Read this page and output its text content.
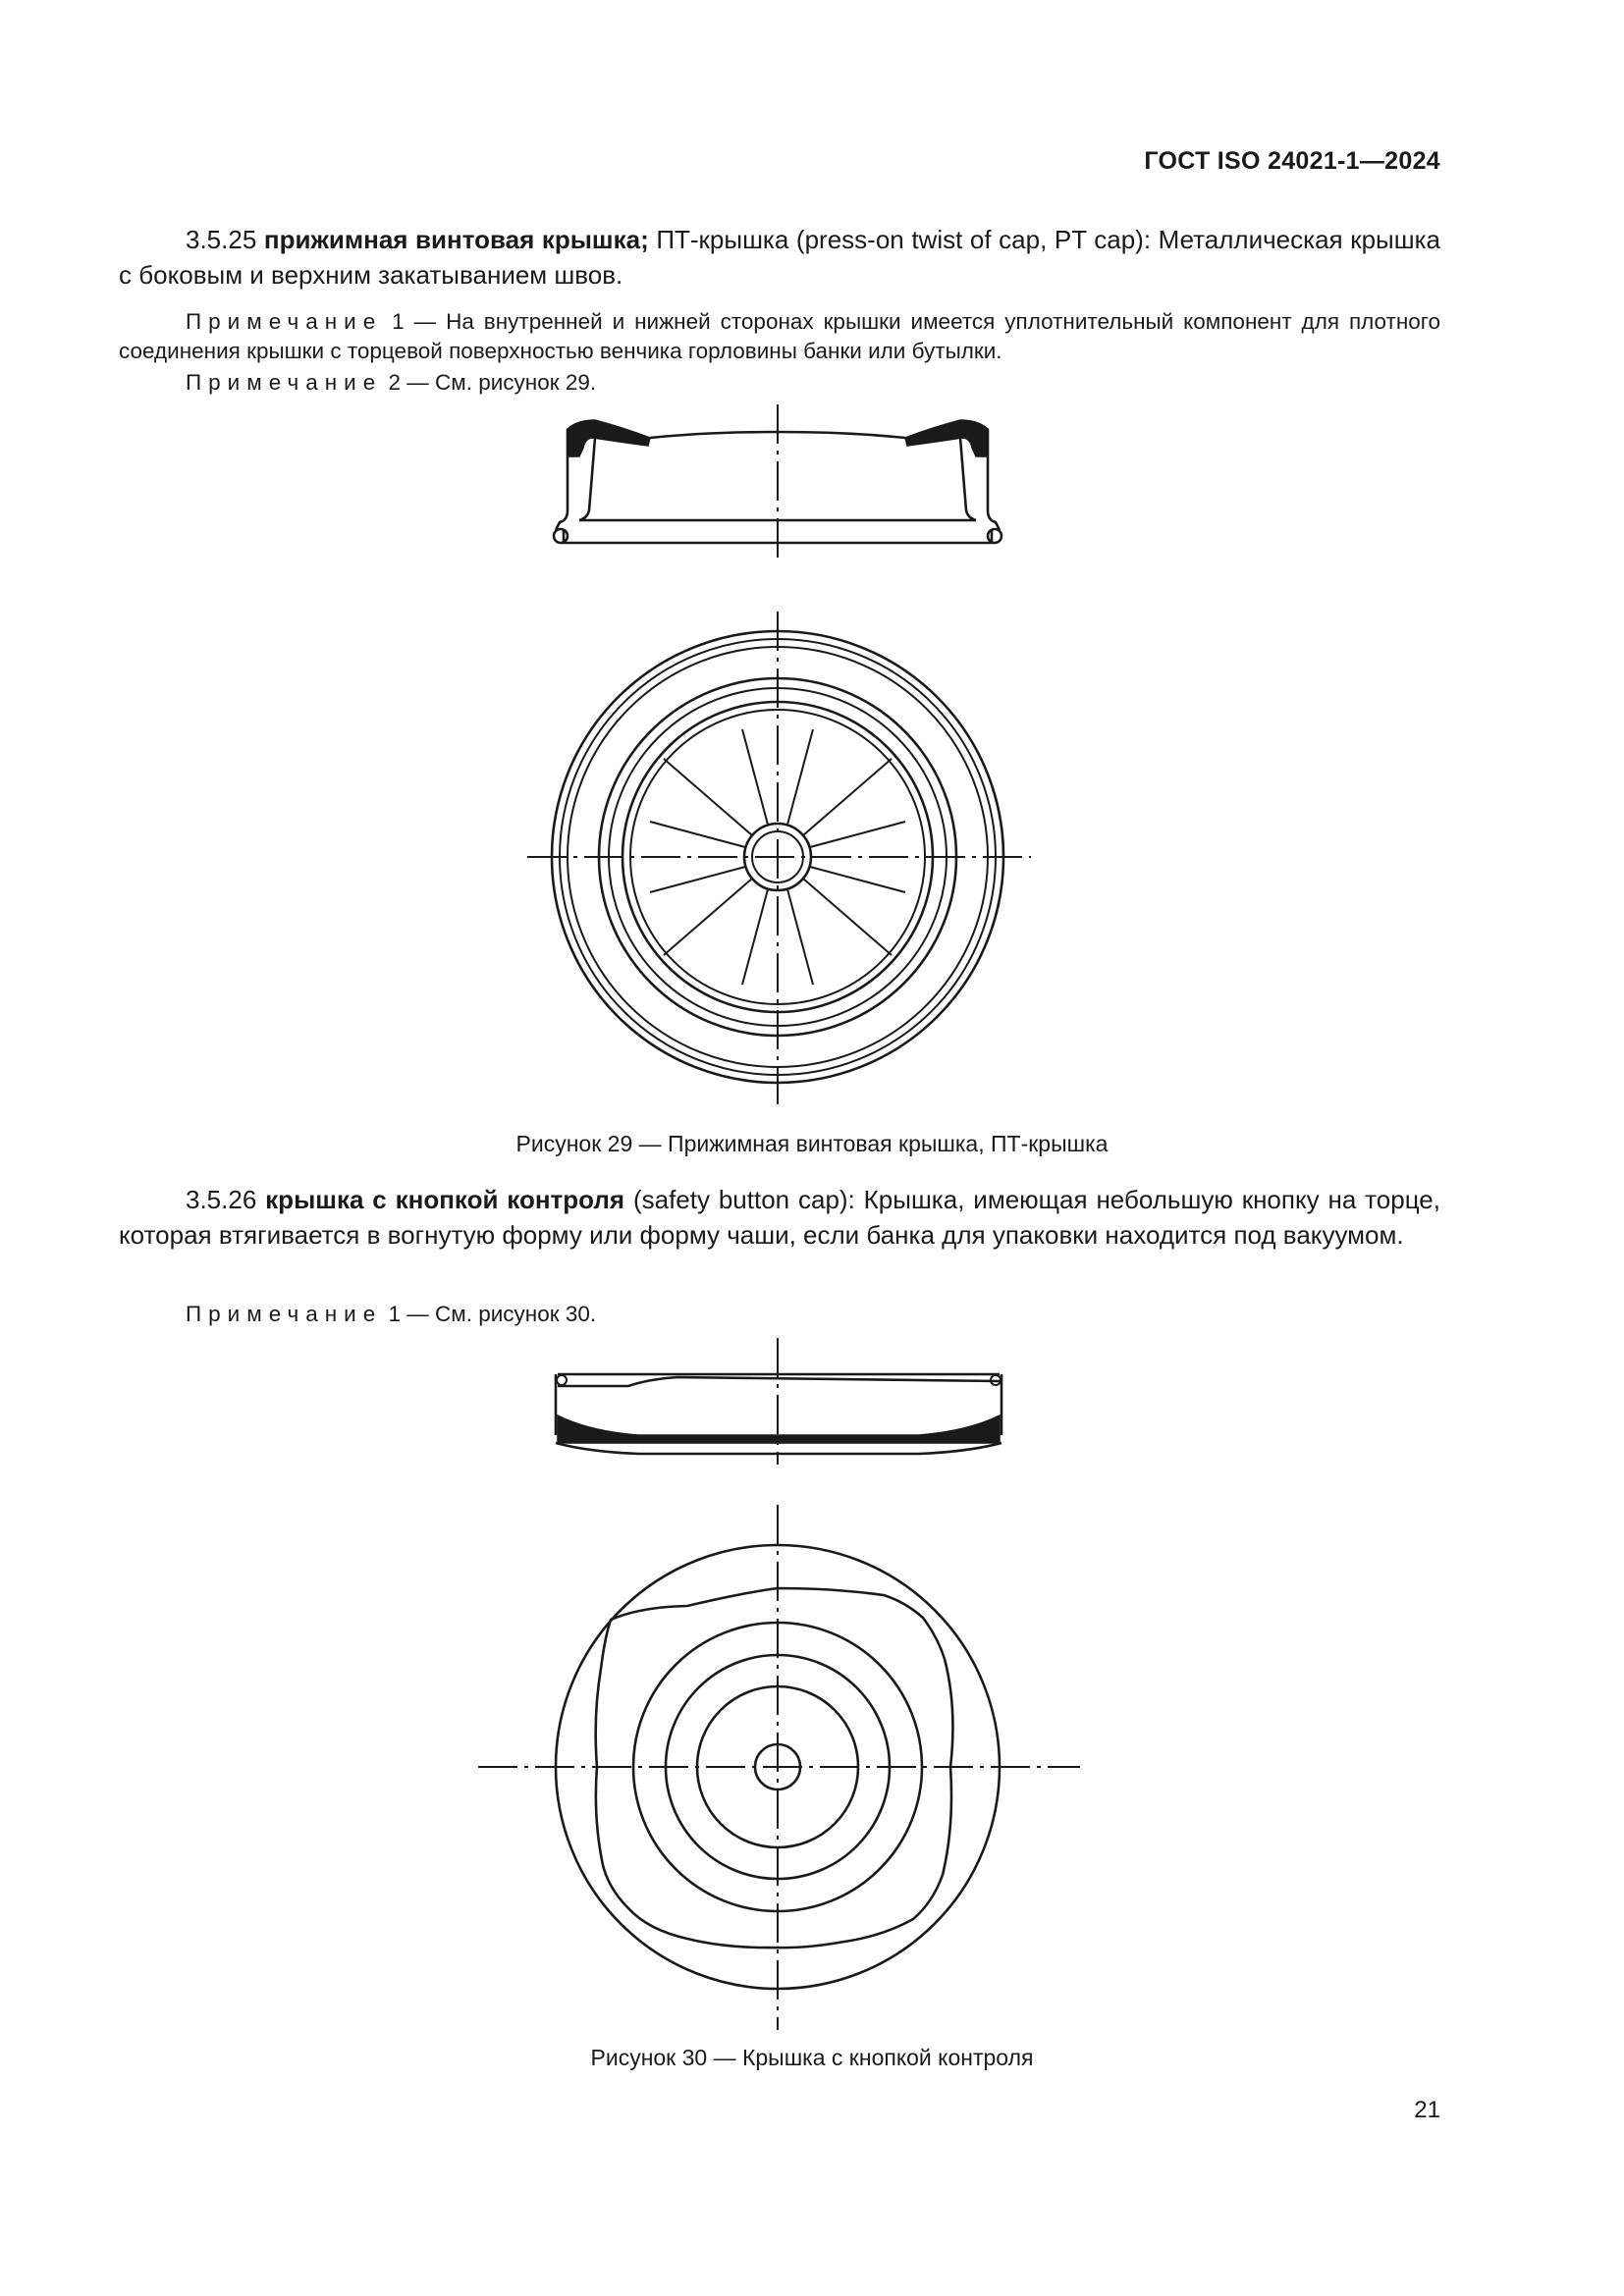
ГОСТ ISO 24021-1—2024
3.5.25 прижимная винтовая крышка; ПТ-крышка (press-on twist of cap, PT cap): Металлическая крышка с боковым и верхним закатыванием швов.
Примечание 1 — На внутренней и нижней сторонах крышки имеется уплотнительный компонент для плотного соединения крышки с торцевой поверхностью венчика горловины банки или бутылки.
Примечание 2 — См. рисунок 29.
Рисунок 29 — Прижимная винтовая крышка, ПТ-крышка
3.5.26 крышка с кнопкой контроля (safety button cap): Крышка, имеющая небольшую кнопку на торце, которая втягивается в вогнутую форму или форму чаши, если банка для упаковки находится под вакуумом.
Примечание 1 — См. рисунок 30.
Рисунок 30 — Крышка с кнопкой контроля
21
